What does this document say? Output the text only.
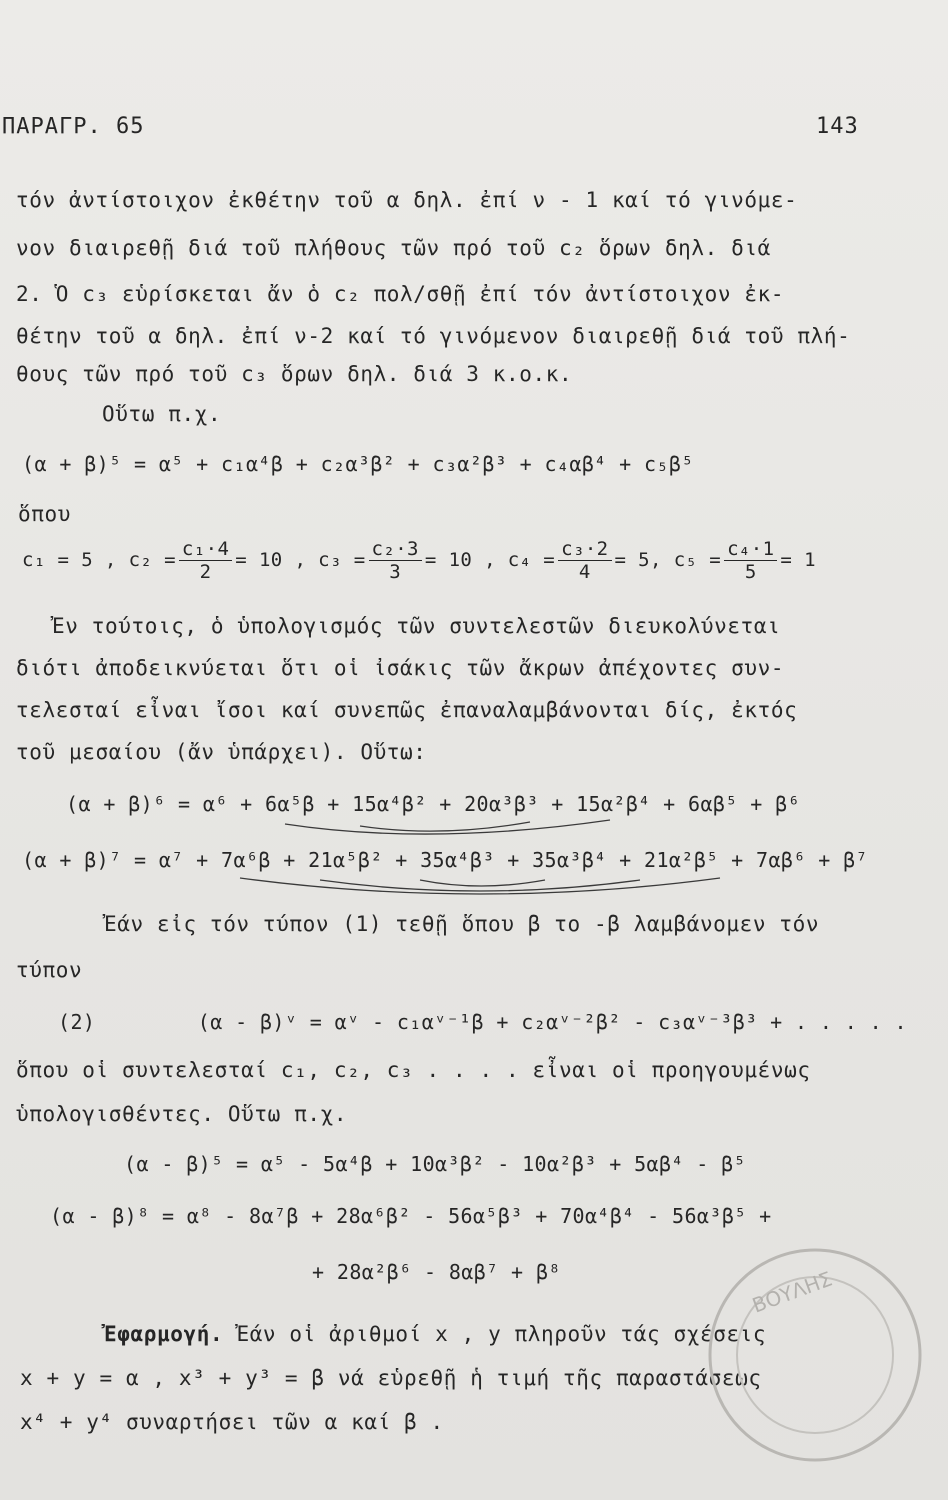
ΠΑΡΑΓΡ. 65	143
τόν ἀντίστοιχον ἐκθέτην τοῦ α δηλ. ἐπί ν - 1 καί τό γινόμε-
νον διαιρεθῇ διά τοῦ πλήθους τῶν πρό τοῦ c₂ ὅρων δηλ. διά
2. Ὁ c₃ εὑρίσκεται ἄν ὁ c₂ πολ/σθῇ ἐπί τόν ἀντίστοιχον ἐκ-
θέτην τοῦ α δηλ. ἐπί ν-2 καί τό γινόμενον διαιρεθῇ διά τοῦ πλή-
θους τῶν πρό τοῦ c₃ ὅρων δηλ. διά 3 κ.ο.κ.
Οὕτω π.χ.
(α + β)⁵ = α⁵ + c₁α⁴β + c₂α³β² + c₃α²β³ + c₄αβ⁴ + c₅β⁵
ὅπου
c₁ = 5 , $c_2 = \frac{\text{c₁·4}}{2} = 10$ , $c_3 = \frac{\text{c₂·3}}{3} = 10$ , $c_4 = \frac{\text{c₃·2}}{4} = 5$, $c_5 = \frac{\text{c₄·1}}{5} = 1$
Ἐν τούτοις, ὁ ὑπολογισμός τῶν συντελεστῶν διευκολύνεται
διότι ἀποδεικνύεται ὅτι οἱ ἰσάκις τῶν ἄκρων ἀπέχοντες συν-
τελεσταί εἶναι ἴσοι καί συνεπῶς ἐπαναλαμβάνονται δίς, ἐκτός
τοῦ μεσαίου (ἄν ὑπάρχει). Οὕτω:
(α + β)⁶ = α⁶ + 6α⁵β + 15α⁴β² + 20α³β³ + 15α²β⁴ + 6αβ⁵ + β⁶
(α + β)⁷ = α⁷ + 7α⁶β + 21α⁵β² + 35α⁴β³ + 35α³β⁴ + 21α²β⁵ + 7αβ⁶ + β⁷
Ἐάν εἰς τόν τύπον (1) τεθῇ ὅπου β το -β λαμβάνομεν τόν
τύπον
(2)	(α - β)ᵛ = αᵛ - c₁αᵛ⁻¹β + c₂αᵛ⁻²β² - c₃αᵛ⁻³β³ + . . . . .
ὅπου οἱ συντελεσταί c₁, c₂, c₃ . . . . εἶναι οἱ προηγουμένως
ὑπολογισθέντες. Οὕτω π.χ.
(α - β)⁵ = α⁵ - 5α⁴β + 10α³β² - 10α²β³ + 5αβ⁴ - β⁵
(α - β)⁸ = α⁸ - 8α⁷β + 28α⁶β² - 56α⁵β³ + 70α⁴β⁴ - 56α³β⁵ +
+ 28α²β⁶ - 8αβ⁷ + β⁸
Ἐφαρμογή. Ἐάν οἱ ἀριθμοί x , y πληροῦν τάς σχέσεις
x + y = α , x³ + y³ = β νά εὑρεθῇ ἡ τιμή τῆς παραστάσεως
x⁴ + y⁴ συναρτήσει τῶν α καί β .
ΒΟΥΛΗΣ
